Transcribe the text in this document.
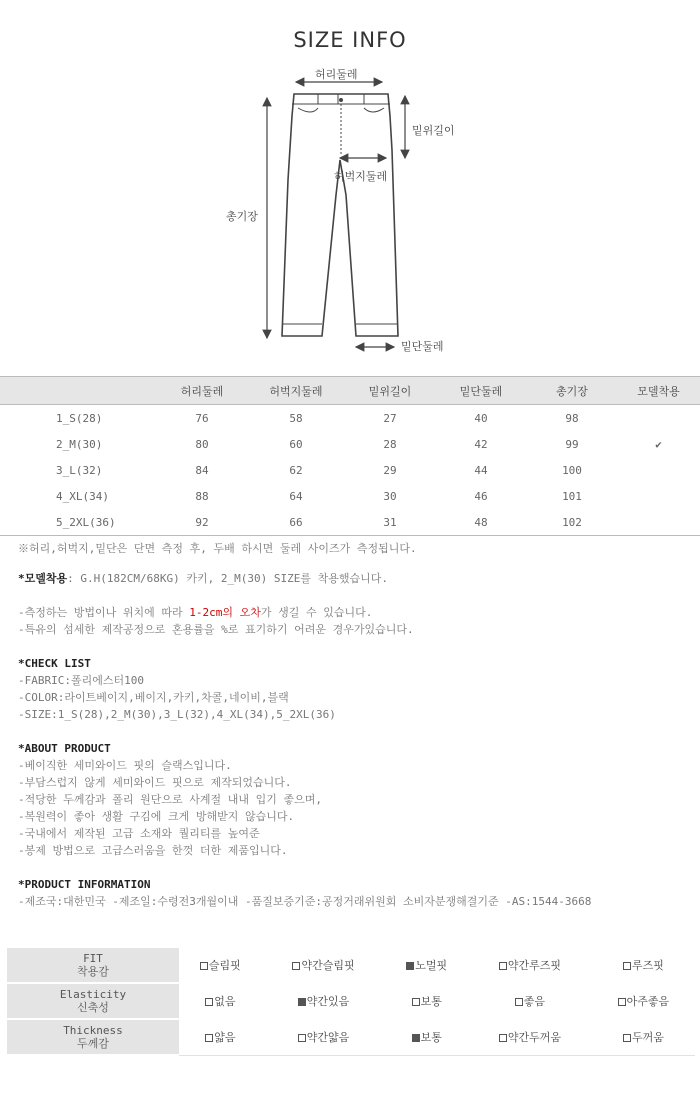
SIZE INFO
허리둘레
밑위길이
허벅지둘레
총기장
밑단둘레
	허리둘레	허벅지둘레	밑위길이	밑단둘레	총기장	모델착용
1_S(28)	76	58	27	40	98	
2_M(30)	80	60	28	42	99	✔
3_L(32)	84	62	29	44	100	
4_XL(34)	88	64	30	46	101	
5_2XL(36)	92	66	31	48	102	

※허리,허벅지,밑단은 단면 측정 후, 두배 하시면 둘레 사이즈가 측정됩니다.

*모델착용: G.H(182CM/68KG) 카키, 2_M(30) SIZE를 착용했습니다.

-측정하는 방법이나 위치에 따라 1-2cm의 오차가 생길 수 있습니다.

-특유의 섬세한 제작공정으로 혼용률을 %로 표기하기 어려운 경우가있습니다.

*CHECK LIST

-FABRIC:폴리에스터100

-COLOR:라이트베이지,베이지,카키,차콜,네이비,블랙

-SIZE:1_S(28),2_M(30),3_L(32),4_XL(34),5_2XL(36)

*ABOUT PRODUCT

-베이직한 세미와이드 핏의 슬랙스입니다.

-부담스럽지 않게 세미와이드 핏으로 제작되었습니다.

-적당한 두께감과 폴리 원단으로 사계절 내내 입기 좋으며,

-복원력이 좋아 생활 구김에 크게 방해받지 않습니다.

-국내에서 제작된 고급 소재와 퀄리티를 높여준

-봉제 방법으로 고급스러움을 한껏 더한 제품입니다.

*PRODUCT INFORMATION

-제조국:대한민국 -제조일:수령전3개월이내 -품질보증기준:공정거래위원회 소비자분쟁해결기준 -AS:1544-3668

FIT
착용감	슬림핏	약간슬림핏	노멀핏	약간루즈핏	루즈핏

Elasticity
신축성	없음	약간있음	보통	좋음	아주좋음

Thickness
두께감	얇음	약간얇음	보통	약간두꺼움	두꺼움
